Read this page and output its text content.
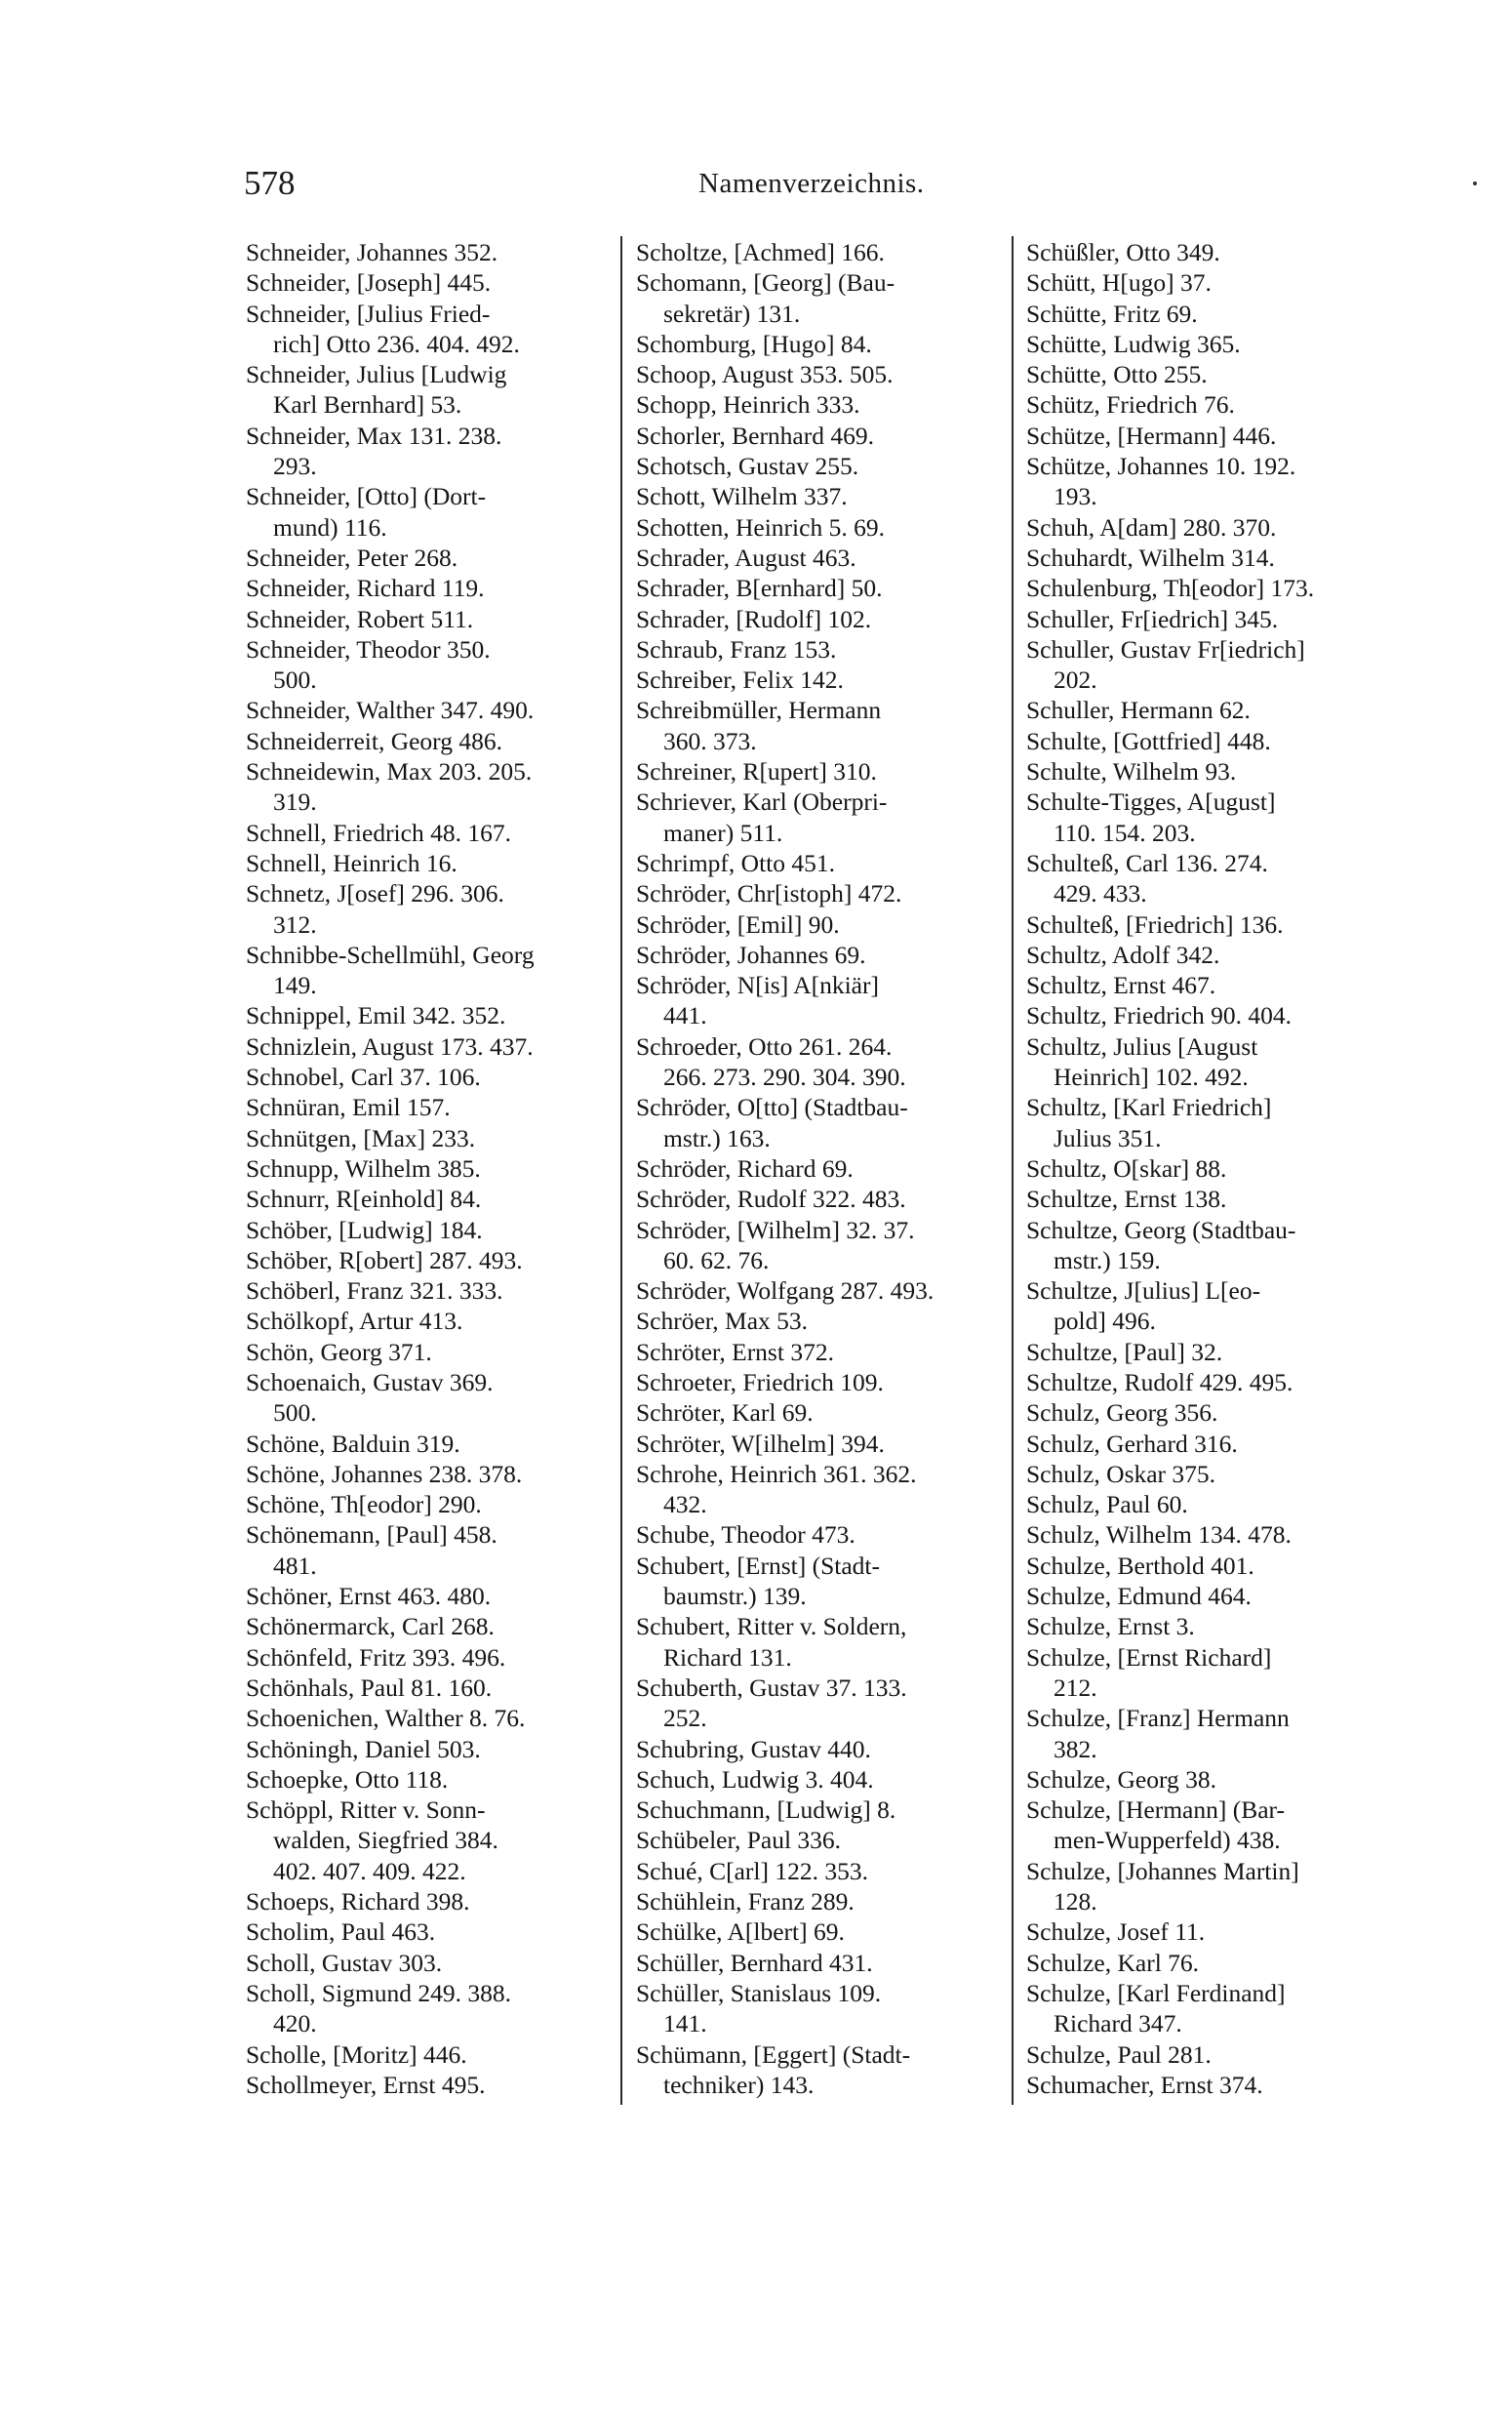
578	Namenverzeichnis.
Schneider, Johannes 352.
Schneider, [Joseph] 445.
Schneider, [Julius Fried-
rich] Otto 236. 404. 492.
Schneider, Julius [Ludwig
Karl Bernhard] 53.
Schneider, Max 131. 238.
293.
Schneider, [Otto] (Dort-
mund) 116.
Schneider, Peter 268.
Schneider, Richard 119.
Schneider, Robert 511.
Schneider, Theodor 350.
500.
Schneider, Walther 347. 490.
Schneiderreit, Georg 486.
Schneidewin, Max 203. 205.
319.
Schnell, Friedrich 48. 167.
Schnell, Heinrich 16.
Schnetz, J[osef] 296. 306.
312.
Schnibbe-Schellmühl, Georg
149.
Schnippel, Emil 342. 352.
Schnizlein, August 173. 437.
Schnobel, Carl 37. 106.
Schnüran, Emil 157.
Schnütgen, [Max] 233.
Schnupp, Wilhelm 385.
Schnurr, R[einhold] 84.
Schöber, [Ludwig] 184.
Schöber, R[obert] 287. 493.
Schöberl, Franz 321. 333.
Schölkopf, Artur 413.
Schön, Georg 371.
Schoenaich, Gustav 369.
500.
Schöne, Balduin 319.
Schöne, Johannes 238. 378.
Schöne, Th[eodor] 290.
Schönemann, [Paul] 458.
481.
Schöner, Ernst 463. 480.
Schönermarck, Carl 268.
Schönfeld, Fritz 393. 496.
Schönhals, Paul 81. 160.
Schoenichen, Walther 8. 76.
Schöningh, Daniel 503.
Schoepke, Otto 118.
Schöppl, Ritter v. Sonn-
walden, Siegfried 384.
402. 407. 409. 422.
Schoeps, Richard 398.
Scholim, Paul 463.
Scholl, Gustav 303.
Scholl, Sigmund 249. 388.
420.
Scholle, [Moritz] 446.
Schollmeyer, Ernst 495.
Scholtze, [Achmed] 166.
Schomann, [Georg] (Bau-
sekretär) 131.
Schomburg, [Hugo] 84.
Schoop, August 353. 505.
Schopp, Heinrich 333.
Schorler, Bernhard 469.
Schotsch, Gustav 255.
Schott, Wilhelm 337.
Schotten, Heinrich 5. 69.
Schrader, August 463.
Schrader, B[ernhard] 50.
Schrader, [Rudolf] 102.
Schraub, Franz 153.
Schreiber, Felix 142.
Schreibmüller, Hermann
360. 373.
Schreiner, R[upert] 310.
Schriever, Karl (Oberpri-
maner) 511.
Schrimpf, Otto 451.
Schröder, Chr[istoph] 472.
Schröder, [Emil] 90.
Schröder, Johannes 69.
Schröder, N[is] A[nkiär]
441.
Schroeder, Otto 261. 264.
266. 273. 290. 304. 390.
Schröder, O[tto] (Stadtbau-
mstr.) 163.
Schröder, Richard 69.
Schröder, Rudolf 322. 483.
Schröder, [Wilhelm] 32. 37.
60. 62. 76.
Schröder, Wolfgang 287. 493.
Schröer, Max 53.
Schröter, Ernst 372.
Schroeter, Friedrich 109.
Schröter, Karl 69.
Schröter, W[ilhelm] 394.
Schrohe, Heinrich 361. 362.
432.
Schube, Theodor 473.
Schubert, [Ernst] (Stadt-
baumstr.) 139.
Schubert, Ritter v. Soldern,
Richard 131.
Schuberth, Gustav 37. 133.
252.
Schubring, Gustav 440.
Schuch, Ludwig 3. 404.
Schuchmann, [Ludwig] 8.
Schübeler, Paul 336.
Schué, C[arl] 122. 353.
Schühlein, Franz 289.
Schülke, A[lbert] 69.
Schüller, Bernhard 431.
Schüller, Stanislaus 109.
141.
Schümann, [Eggert] (Stadt-
techniker) 143.
Schüßler, Otto 349.
Schütt, H[ugo] 37.
Schütte, Fritz 69.
Schütte, Ludwig 365.
Schütte, Otto 255.
Schütz, Friedrich 76.
Schütze, [Hermann] 446.
Schütze, Johannes 10. 192.
193.
Schuh, A[dam] 280. 370.
Schuhardt, Wilhelm 314.
Schulenburg, Th[eodor] 173.
Schuller, Fr[iedrich] 345.
Schuller, Gustav Fr[iedrich]
202.
Schuller, Hermann 62.
Schulte, [Gottfried] 448.
Schulte, Wilhelm 93.
Schulte-Tigges, A[ugust]
110. 154. 203.
Schulteß, Carl 136. 274.
429. 433.
Schulteß, [Friedrich] 136.
Schultz, Adolf 342.
Schultz, Ernst 467.
Schultz, Friedrich 90. 404.
Schultz, Julius [August
Heinrich] 102. 492.
Schultz, [Karl Friedrich]
Julius 351.
Schultz, O[skar] 88.
Schultze, Ernst 138.
Schultze, Georg (Stadtbau-
mstr.) 159.
Schultze, J[ulius] L[eo-
pold] 496.
Schultze, [Paul] 32.
Schultze, Rudolf 429. 495.
Schulz, Georg 356.
Schulz, Gerhard 316.
Schulz, Oskar 375.
Schulz, Paul 60.
Schulz, Wilhelm 134. 478.
Schulze, Berthold 401.
Schulze, Edmund 464.
Schulze, Ernst 3.
Schulze, [Ernst Richard]
212.
Schulze, [Franz] Hermann
382.
Schulze, Georg 38.
Schulze, [Hermann] (Bar-
men-Wupperfeld) 438.
Schulze, [Johannes Martin]
128.
Schulze, Josef 11.
Schulze, Karl 76.
Schulze, [Karl Ferdinand]
Richard 347.
Schulze, Paul 281.
Schumacher, Ernst 374.
